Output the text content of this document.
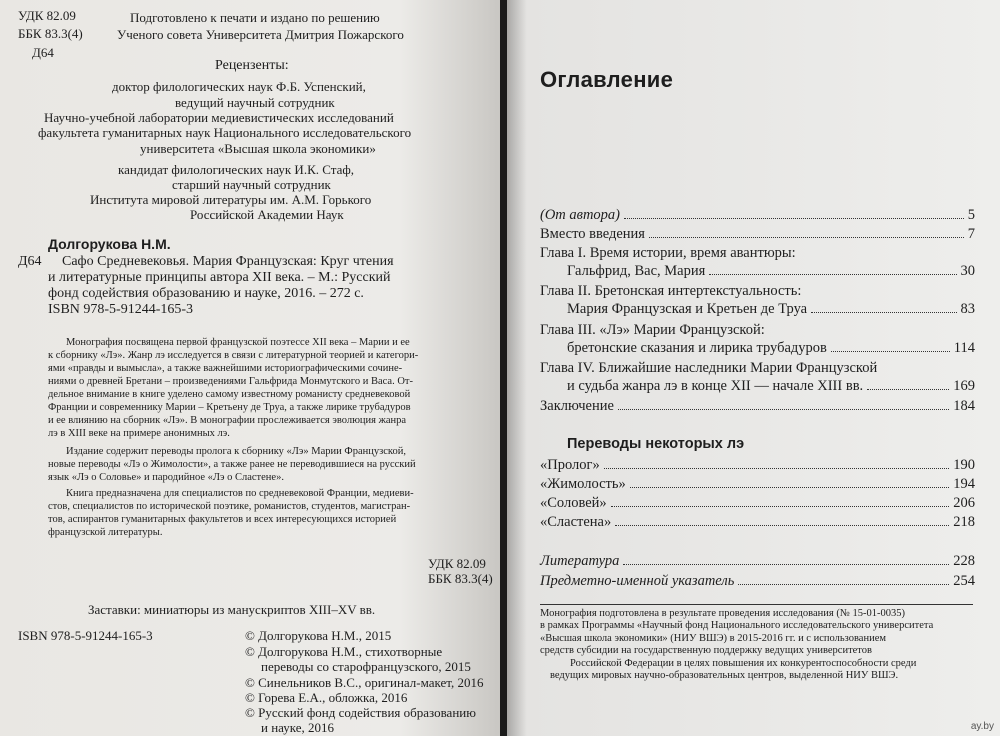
УДК 82.09
ББК 83.3(4)
Д64
Подготовлено к печати и издано по решению
Ученого совета Университета Дмитрия Пожарского
Рецензенты:
доктор филологических наук Ф.Б. Успенский,
ведущий научный сотрудник
Научно-учебной лаборатории медиевистических исследований
факультета гуманитарных наук Национального исследовательского
университета «Высшая школа экономики»
кандидат филологических наук И.К. Стаф,
старший научный сотрудник
Института мировой литературы им. А.М. Горького
Российской Академии Наук
Долгорукова Н.М.
Д64 Сафо Средневековья. Мария Французская: Круг чтения
и литературные принципы автора XII века. – М.: Русский
фонд содействия образованию и науке, 2016. – 272 с.
ISBN 978-5-91244-165-3
Монография посвящена первой французской поэтессе XII века – Марии и ее
к сборнику «Лэ». Жанр лэ исследуется в связи с литературной теорией и категори-
ями «правды и вымысла», а также важнейшими историографическими сочине-
ниями о древней Бретани – произведениями Гальфрида Монмутского и Васа. От-
дельное внимание в книге уделено самому известному романисту средневековой
Франции и современнику Марии – Кретьену де Труа, а также лирике трубадуров
и ее влиянию на сборник «Лэ». В монографии прослеживается эволюция жанра
лэ в XIII веке на примере анонимных лэ.
Издание содержит переводы пролога к сборнику «Лэ» Марии Французской,
новые переводы «Лэ о Жимолости», а также ранее не переводившиеся на русский
язык «Лэ о Соловье» и пародийное «Лэ о Сластене».
Книга предназначена для специалистов по средневековой Франции, медиеви-
стов, специалистов по исторической поэтике, романистов, студентов, магистран-
тов, аспирантов гуманитарных факультетов и всех интересующихся историей
французской литературы.
УДК 82.09
ББК 83.3(4)
Заставки: миниатюры из манускриптов XIII–XV вв.
ISBN 978-5-91244-165-3	© Долгорукова Н.М., 2015
© Долгорукова Н.М., стихотворные
переводы со старофранцузского, 2015
© Синельников В.С., оригинал-макет, 2016
© Горева Е.А., обложка, 2016
© Русский фонд содействия образованию
и науке, 2016
Оглавление
(От автора)	5
Вместо введения	7
Глава I. Время истории, время авантюры:
Гальфрид, Вас, Мария	30
Глава II. Бретонская интертекстуальность:
Мария Французская и Кретьен де Труа	83
Глава III. «Лэ» Марии Французской:
бретонские сказания и лирика трубадуров	114
Глава IV. Ближайшие наследники Марии Французской
и судьба жанра лэ в конце XII — начале XIII вв.	169
Заключение	184
Переводы некоторых лэ
«Пролог»	190
«Жимолость»	194
«Соловей»	206
«Сластена»	218
Литература	228
Предметно-именной указатель	254
Монография подготовлена в результате проведения исследования (№ 15-01-0035)
в рамках Программы «Научный фонд Национального исследовательского университета
«Высшая школа экономики» (НИУ ВШЭ) в 2015-2016 гг. и с использованием
средств субсидии на государственную поддержку ведущих университетов
Российской Федерации в целях повышения их конкурентоспособности среди
ведущих мировых научно-образовательных центров, выделенной НИУ ВШЭ.
ay.by
